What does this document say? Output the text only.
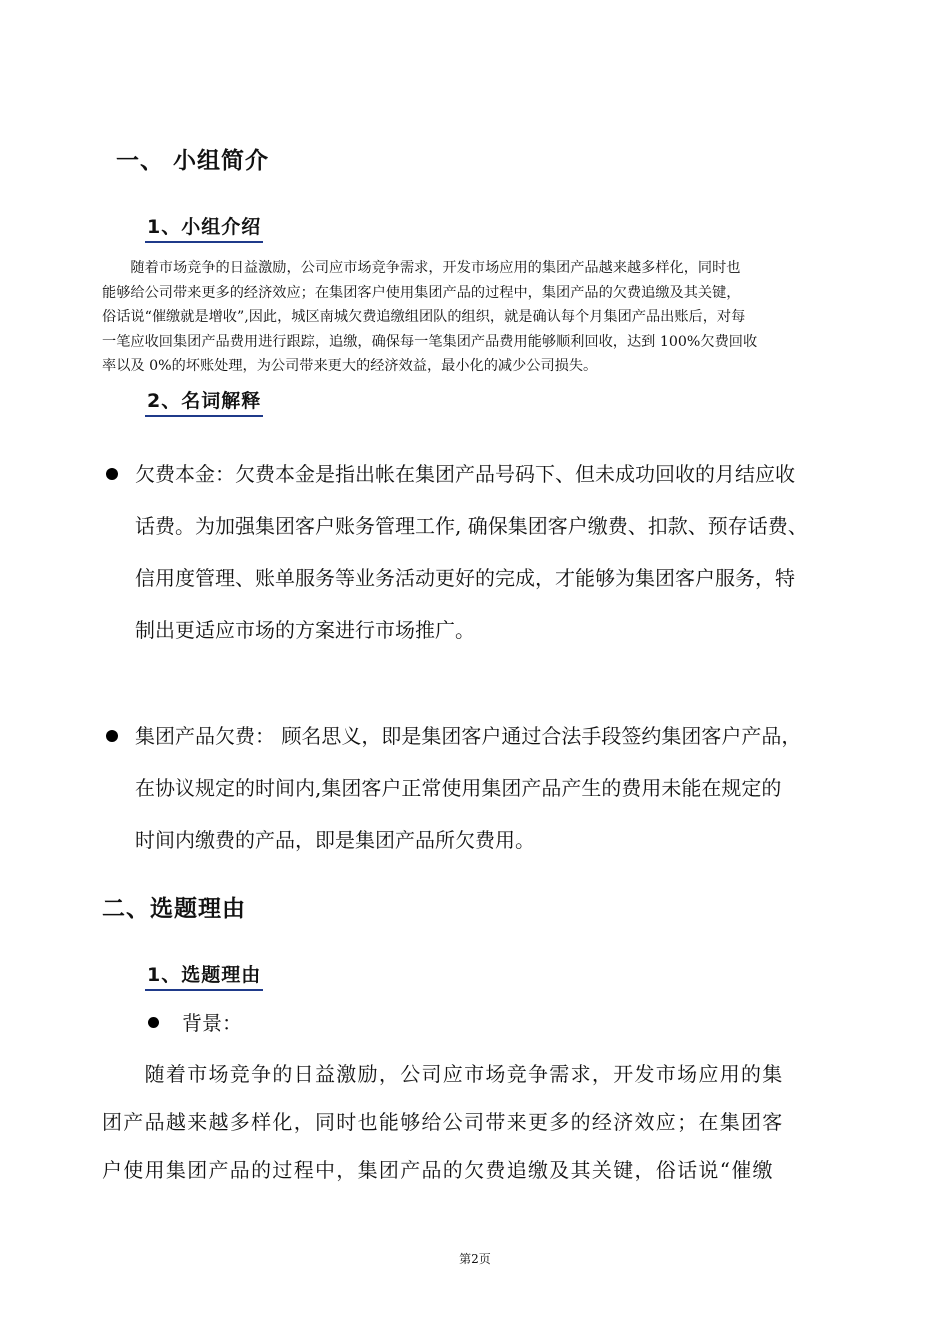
一、 小组简介
1、小组介绍
　　随着市场竞争的日益激励，公司应市场竞争需求，开发市场应用的集团产品越来越多样化，同时也
能够给公司带来更多的经济效应；在集团客户使用集团产品的过程中，集团产品的欠费追缴及其关键，
俗话说“催缴就是增收”,因此，城区南城欠费追缴组团队的组织，就是确认每个月集团产品出账后，对每
一笔应收回集团产品费用进行跟踪，追缴，确保每一笔集团产品费用能够顺利回收，达到 100%欠费回收
率以及 0%的坏账处理，为公司带来更大的经济效益，最小化的减少公司损失。
2、名词解释
欠费本金：欠费本金是指出帐在集团产品号码下、但未成功回收的月结应收
话费。为加强集团客户账务管理工作, 确保集团客户缴费、扣款、预存话费、
信用度管理、账单服务等业务活动更好的完成，才能够为集团客户服务，特
制出更适应市场的方案进行市场推广。
集团产品欠费： 顾名思义，即是集团客户通过合法手段签约集团客户产品，
在协议规定的时间内,集团客户正常使用集团产品产生的费用未能在规定的
时间内缴费的产品，即是集团产品所欠费用。
二、选题理由
1、选题理由
背景：
　　随着市场竞争的日益激励，公司应市场竞争需求，开发市场应用的集
团产品越来越多样化，同时也能够给公司带来更多的经济效应；在集团客
户使用集团产品的过程中，集团产品的欠费追缴及其关键，俗话说“催缴
第2页
